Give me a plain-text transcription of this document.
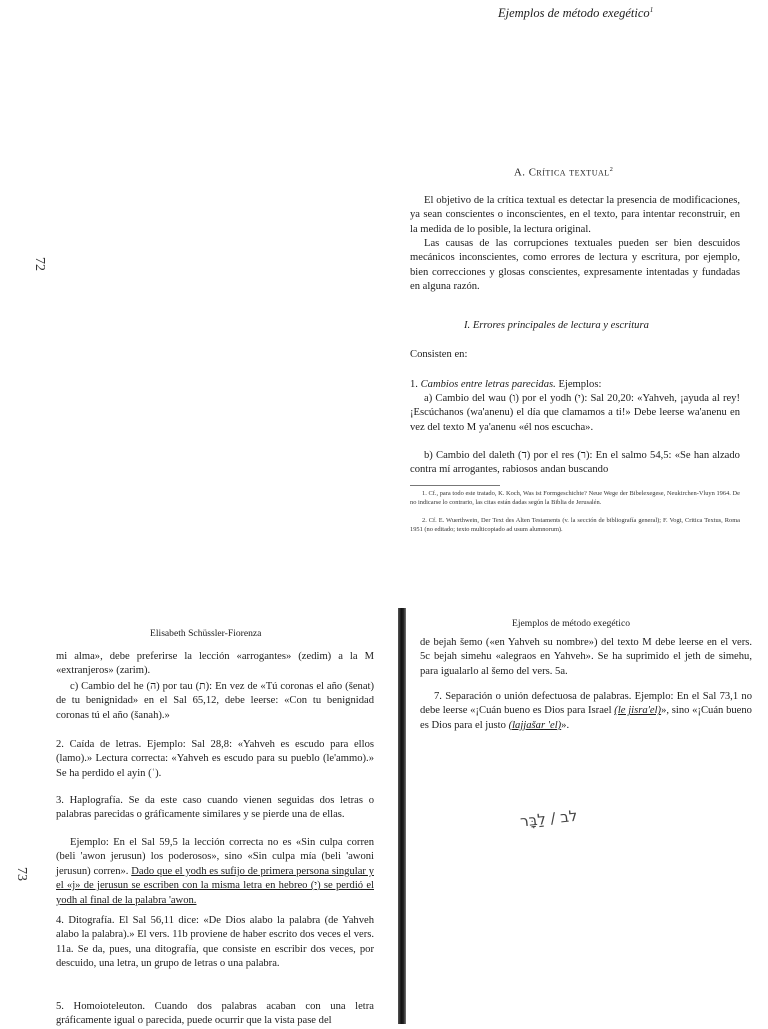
Ejemplos de método exegético$^1$
72
A. Crítica textual$^2$
El objetivo de la crítica textual es detectar la presencia de modificaciones, ya sean conscientes o inconscientes, en el texto, para intentar reconstruir, en la medida de lo posible, la lectura original.
Las causas de las corrupciones textuales pueden ser bien descuidos mecánicos inconscientes, como errores de lectura y escritura, por ejemplo, bien correcciones y glosas conscientes, expresamente intentadas y fundadas en alguna razón.
I. Errores principales de lectura y escritura
Consisten en:
1. Cambios entre letras parecidas. Ejemplos:
a) Cambio del wau (ו) por el yodh (י): Sal 20,20: «Yahveh, ¡ayuda al rey! ¡Escúchanos (wa'anenu) el día que clamamos a ti!» Debe leerse wa'anenu en vez del texto M ya'anenu «él nos escucha».
b) Cambio del daleth (ד) por el res (ר): En el salmo 54,5: «Se han alzado contra mí arrogantes, rabiosos andan buscando
1. Cf., para todo este tratado, K. Koch, Was ist Formgeschichte? Neue Wege der Bibelexegese, Neukirchen-Vluyn 1964. De no indicarse lo contrario, las citas están dadas según la Biblia de Jerusalén.
2. Cf. E. Wuerthwein, Der Text des Alten Testaments (v. la sección de bibliografía general); F. Vogt, Critica Textus, Roma 1951 (no editado; texto multicopiado ad usum alumnorum).
Elisabeth Schüssler-Fiorenza
73
mi alma», debe preferirse la lección «arrogantes» (zedim) a la M «extranjeros» (zarim).
c) Cambio del he (ה) por tau (ת): En vez de «Tú coronas el año (šenat) de tu benignidad» en el Sal 65,12, debe leerse: «Con tu benignidad coronas tú el año (šanah).»
2. Caída de letras. Ejemplo: Sal 28,8: «Yahveh es escudo para ellos (lamo).» Lectura correcta: «Yahveh es escudo para su pueblo (le'ammo).» Se ha perdido el ayin (ʿ).
3. Haplografía. Se da este caso cuando vienen seguidas dos letras o palabras parecidas o gráficamente similares y se pierde una de ellas.
Ejemplo: En el Sal 59,5 la lección correcta no es «Sin culpa corren (beli 'awon jerusun) los poderosos», sino «Sin culpa mía (beli 'awoni jerusun) corren». Dado que el yodh es sufijo de primera persona singular y el «j» de jerusun se escriben con la misma letra en hebreo (י) se perdió el yodh al final de la palabra 'awon.
4. Ditografía. El Sal 56,11 dice: «De Dios alabo la palabra (de Yahveh alabo la palabra).» El vers. 11b proviene de haber escrito dos veces el vers. 11a. Se da, pues, una ditografía, que consiste en escribir dos veces, por descuido, una letra, un grupo de letras o una palabra.
5. Homoioteleuton. Cuando dos palabras acaban con una letra gráficamente igual o parecida, puede ocurrir que la vista pase del
Ejemplos de método exegético
de bejah šemo («en Yahveh su nombre») del texto M debe leerse en el vers. 5c bejah simehu «alegraos en Yahveh». Se ha suprimido el jeth de simehu, para igualarlo al šemo del vers. 5a.
7. Separación o unión defectuosa de palabras. Ejemplo: En el Sal 73,1 no debe leerse «¡Cuán bueno es Dios para Israel (le jisra'el)», sino «¡Cuán bueno es Dios para el justo (lajjašar 'el)».
לב / לַבָּר
